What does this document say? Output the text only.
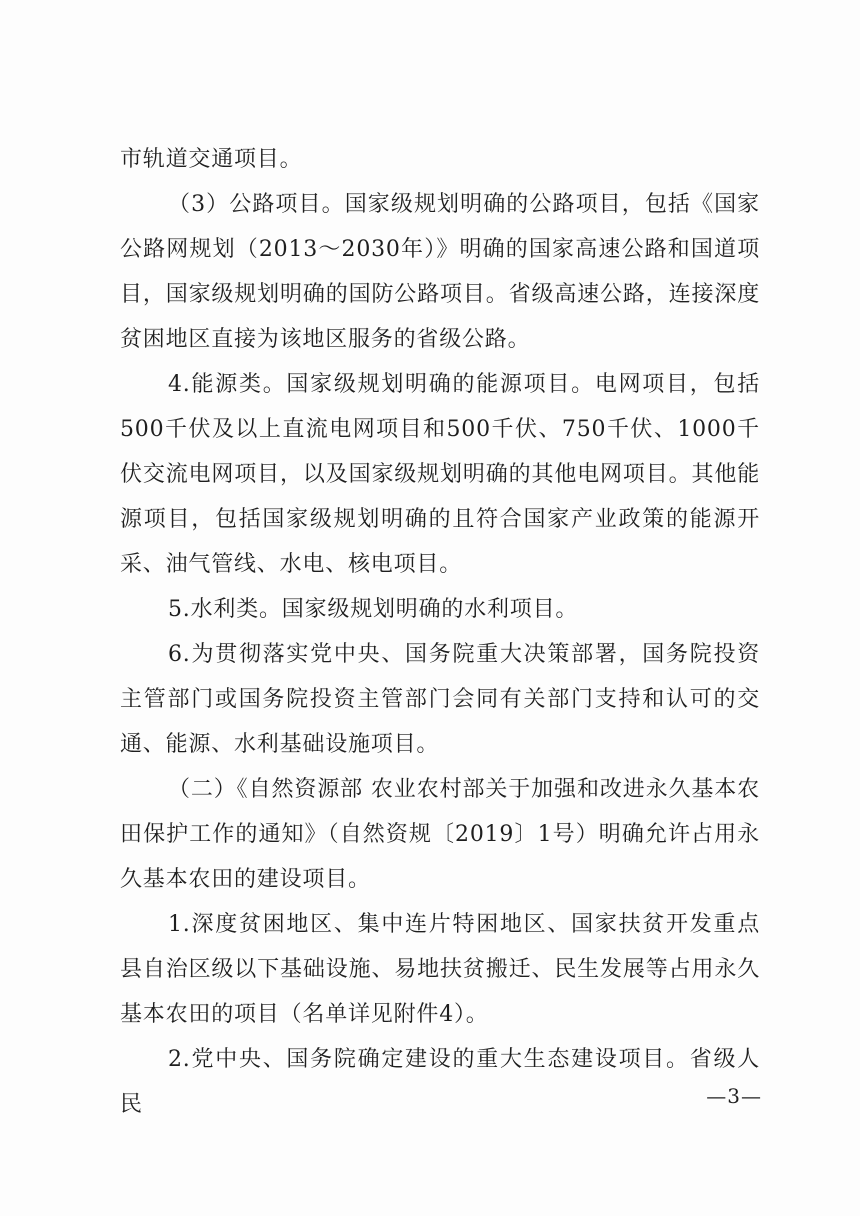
市轨道交通项目。

（3）公路项目。国家级规划明确的公路项目，包括《国家公路网规划（2013～2030年）》明确的国家高速公路和国道项目，国家级规划明确的国防公路项目。省级高速公路，连接深度贫困地区直接为该地区服务的省级公路。

4.能源类。国家级规划明确的能源项目。电网项目，包括500千伏及以上直流电网项目和500千伏、750千伏、1000千伏交流电网项目，以及国家级规划明确的其他电网项目。其他能源项目，包括国家级规划明确的且符合国家产业政策的能源开采、油气管线、水电、核电项目。

5.水利类。国家级规划明确的水利项目。

6.为贯彻落实党中央、国务院重大决策部署，国务院投资主管部门或国务院投资主管部门会同有关部门支持和认可的交通、能源、水利基础设施项目。

（二）《自然资源部 农业农村部关于加强和改进永久基本农田保护工作的通知》（自然资规〔2019〕1号）明确允许占用永久基本农田的建设项目。

1.深度贫困地区、集中连片特困地区、国家扶贫开发重点县自治区级以下基础设施、易地扶贫搬迁、民生发展等占用永久基本农田的项目（名单详见附件4）。

2.党中央、国务院确定建设的重大生态建设项目。省级人民	—3—
